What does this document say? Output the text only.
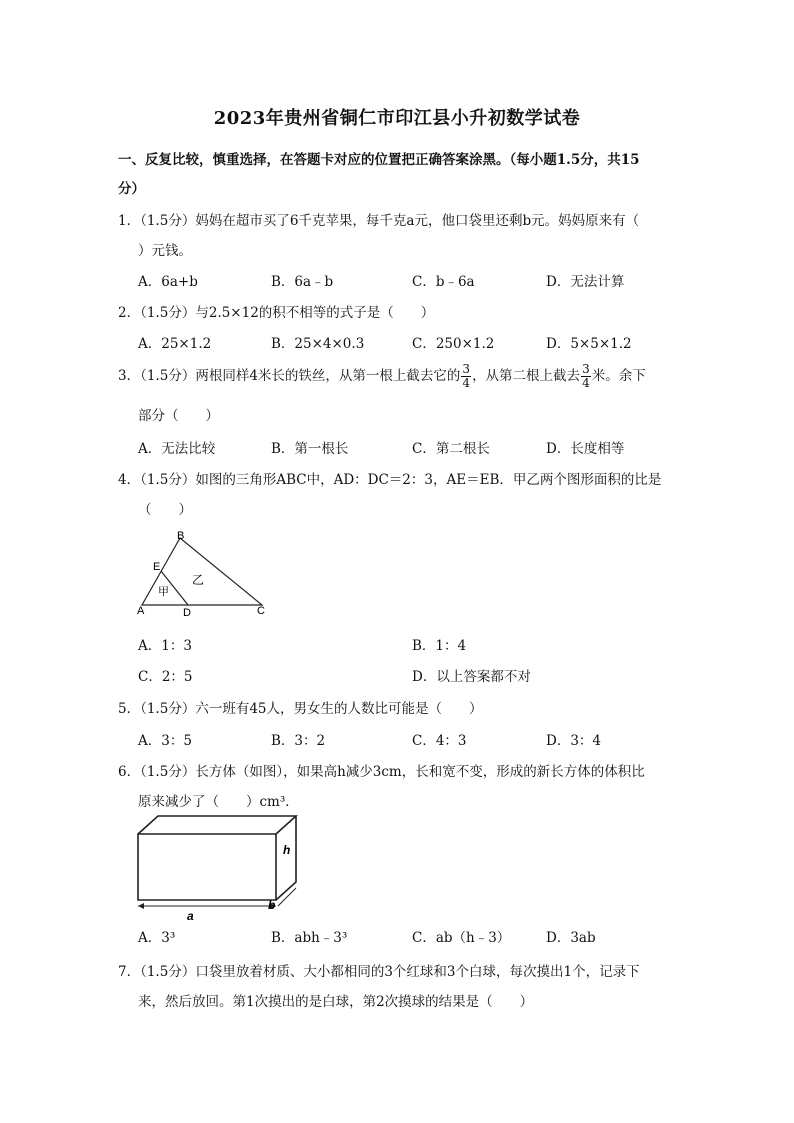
2023年贵州省铜仁市印江县小升初数学试卷
一、反复比较，慎重选择，在答题卡对应的位置把正确答案涂黑。（每小题1.5分，共15
分）
1．（1.5分）妈妈在超市买了6千克苹果，每千克a元，他口袋里还剩b元。妈妈原来有（
）元钱。
A．6a+b	B．6a﹣b	C．b﹣6a	D．无法计算
2．（1.5分）与2.5×12的积不相等的式子是（　　）
A．25×1.2	B．25×4×0.3	C．250×1.2	D．5×5×1.2
3．（1.5分）两根同样4米长的铁丝，从第一根上截去它的 $\frac{3}{4}$ ，从第二根上截去 $\frac{3}{4}$ 米。余下
部分（　　）
A．无法比较	B．第一根长	C．第二根长	D．长度相等
4．（1.5分）如图的三角形ABC中，AD：DC＝2：3，AE＝EB．甲乙两个图形面积的比是
（　　）
B
E
A	D	C
甲
乙
A．1：3	B．1：4
C．2：5	D．以上答案都不对
5．（1.5分）六一班有45人，男女生的人数比可能是（　　）
A．3：5	B．3：2	C．4：3	D．3：4
6．（1.5分）长方体（如图），如果高h减少3cm，长和宽不变，形成的新长方体的体积比
原来减少了（　　）cm³．
h
a
b
A．3³	B．abh﹣3³	C．ab（h﹣3）	D．3ab
7．（1.5分）口袋里放着材质、大小都相同的3个红球和3个白球，每次摸出1个，记录下
来，然后放回。第1次摸出的是白球，第2次摸球的结果是（　　）
